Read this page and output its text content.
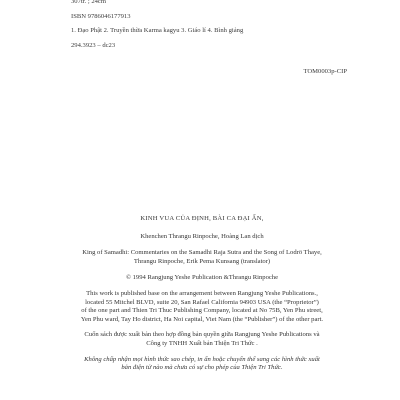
307tr. ; 24cm
ISBN 9786046177913
1. Đạo Phật 2. Truyền thừa Karma kagyu 3. Giáo lí 4. Bình giảng
294.3923 – dc23
TOM0003p-CIP

KINH VUA CỦA ĐỊNH, BÀI CA ĐẠI ẤN,

Khenchen Thrangu Rinpoche, Hoàng Lan dịch

King of Samadhi: Commentaries on the Samadhi Raja Sutra and the Song of Lodrö Thaye,

Thrangu Rinpoche, Erik Pema Kunsang (translator)

© 1994 Rangjung Yeshe Publication &Thrangu Rinpoche

This work is published base on the arrangement between Rangjung Yeshe Publications.,

located 55 Mitchel BLVD, suite 20, San Rafael California 94903 USA (the “Proprietor”)

of the one part and Thien Tri Thuc Publishing Company, located at No 75B, Yen Phu street,

Yen Phu ward, Tay Ho district, Ha Noi capital, Viet Nam (the “Publisher”) of the other part.

Cuốn sách được xuất bản theo hợp đồng bản quyền giữa Rangjung Yeshe Publications và

Công ty TNHH Xuất bản Thiện Tri Thức .

Không chấp nhận mọi hình thức sao chép, in ấn hoặc chuyển thể sang các hình thức xuất

bản điện tử nào mà chưa có sự cho phép của Thiện Tri Thức.
